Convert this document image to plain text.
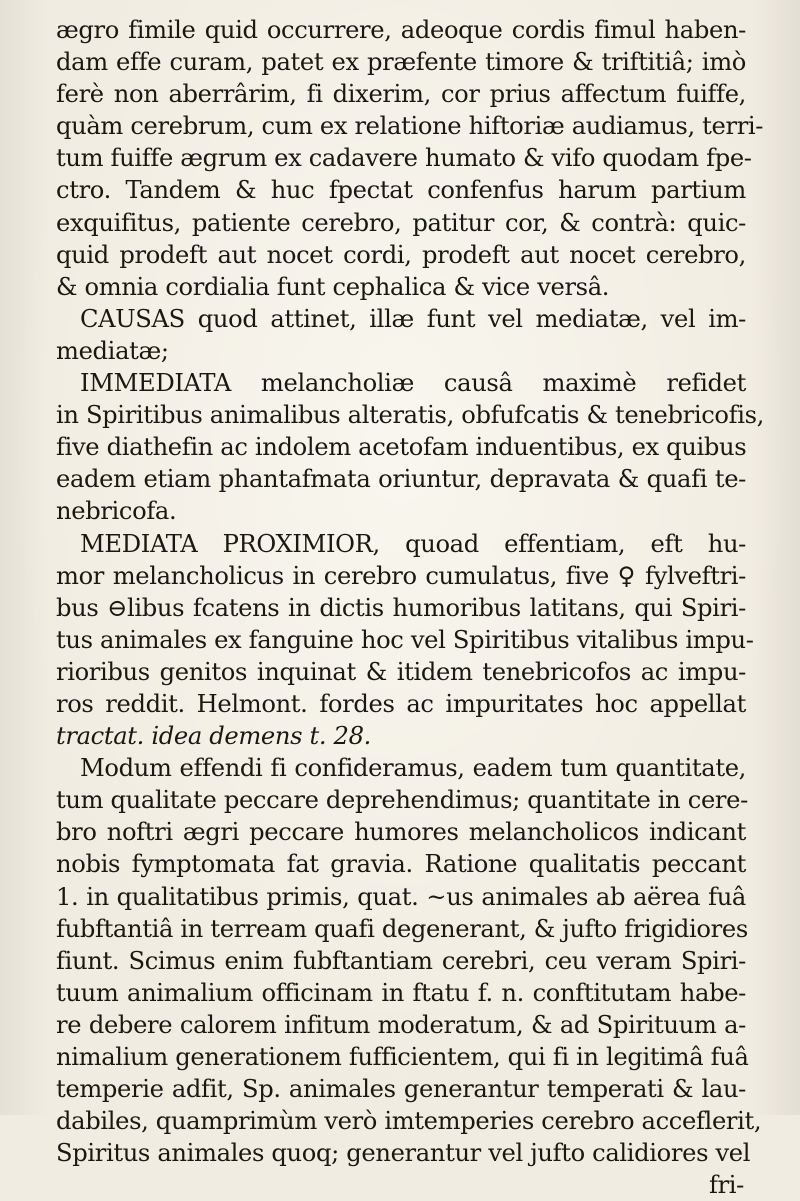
ægro fimile quid occurrere, adeoque cordis fimul haben-
dam effe curam, patet ex præfente timore & triftitiâ; imò
ferè non aberrârim, fi dixerim, cor prius affectum fuiffe,
quàm cerebrum, cum ex relatione hiftoriæ audiamus, terri-
tum fuiffe ægrum ex cadavere humato & vifo quodam fpe-
ctro. Tandem & huc fpectat confenfus harum partium
exquifitus, patiente cerebro, patitur cor, & contrà: quic-
quid prodeft aut nocet cordi, prodeft aut nocet cerebro,
& omnia cordialia funt cephalica & vice versâ.
CAUSAS quod attinet, illæ funt vel mediatæ, vel im-
mediatæ;
IMMEDIATA melancholiæ causâ maximè refidet
in Spiritibus animalibus alteratis, obfufcatis & tenebricofis,
five diathefin ac indolem acetofam induentibus, ex quibus
eadem etiam phantafmata oriuntur, depravata & quafi te-
nebricofa.
MEDIATA PROXIMIOR, quoad effentiam, eft hu-
mor melancholicus in cerebro cumulatus, five ♀ fylveftri-
bus ⊖libus fcatens in dictis humoribus latitans, qui Spiri-
tus animales ex fanguine hoc vel Spiritibus vitalibus impu-
rioribus genitos inquinat & itidem tenebricofos ac impu-
ros reddit. Helmont. fordes ac impuritates hoc appellat
tractat. idea demens t. 28.
Modum effendi fi confideramus, eadem tum quantitate,
tum qualitate peccare deprehendimus; quantitate in cere-
bro noftri ægri peccare humores melancholicos indicant
nobis fymptomata fat gravia. Ratione qualitatis peccant
1. in qualitatibus primis, quat. ~us animales ab aërea fuâ
fubftantiâ in terream quafi degenerant, & jufto frigidiores
fiunt. Scimus enim fubftantiam cerebri, ceu veram Spiri-
tuum animalium officinam in ftatu f. n. conftitutam habe-
re debere calorem infitum moderatum, & ad Spirituum a-
nimalium generationem fufficientem, qui fi in legitimâ fuâ
temperie adfit, Sp. animales generantur temperati & lau-
dabiles, quamprimùm verò imtemperies cerebro acceflerit,
Spiritus animales quoq; generantur vel jufto calidiores vel
fri-
